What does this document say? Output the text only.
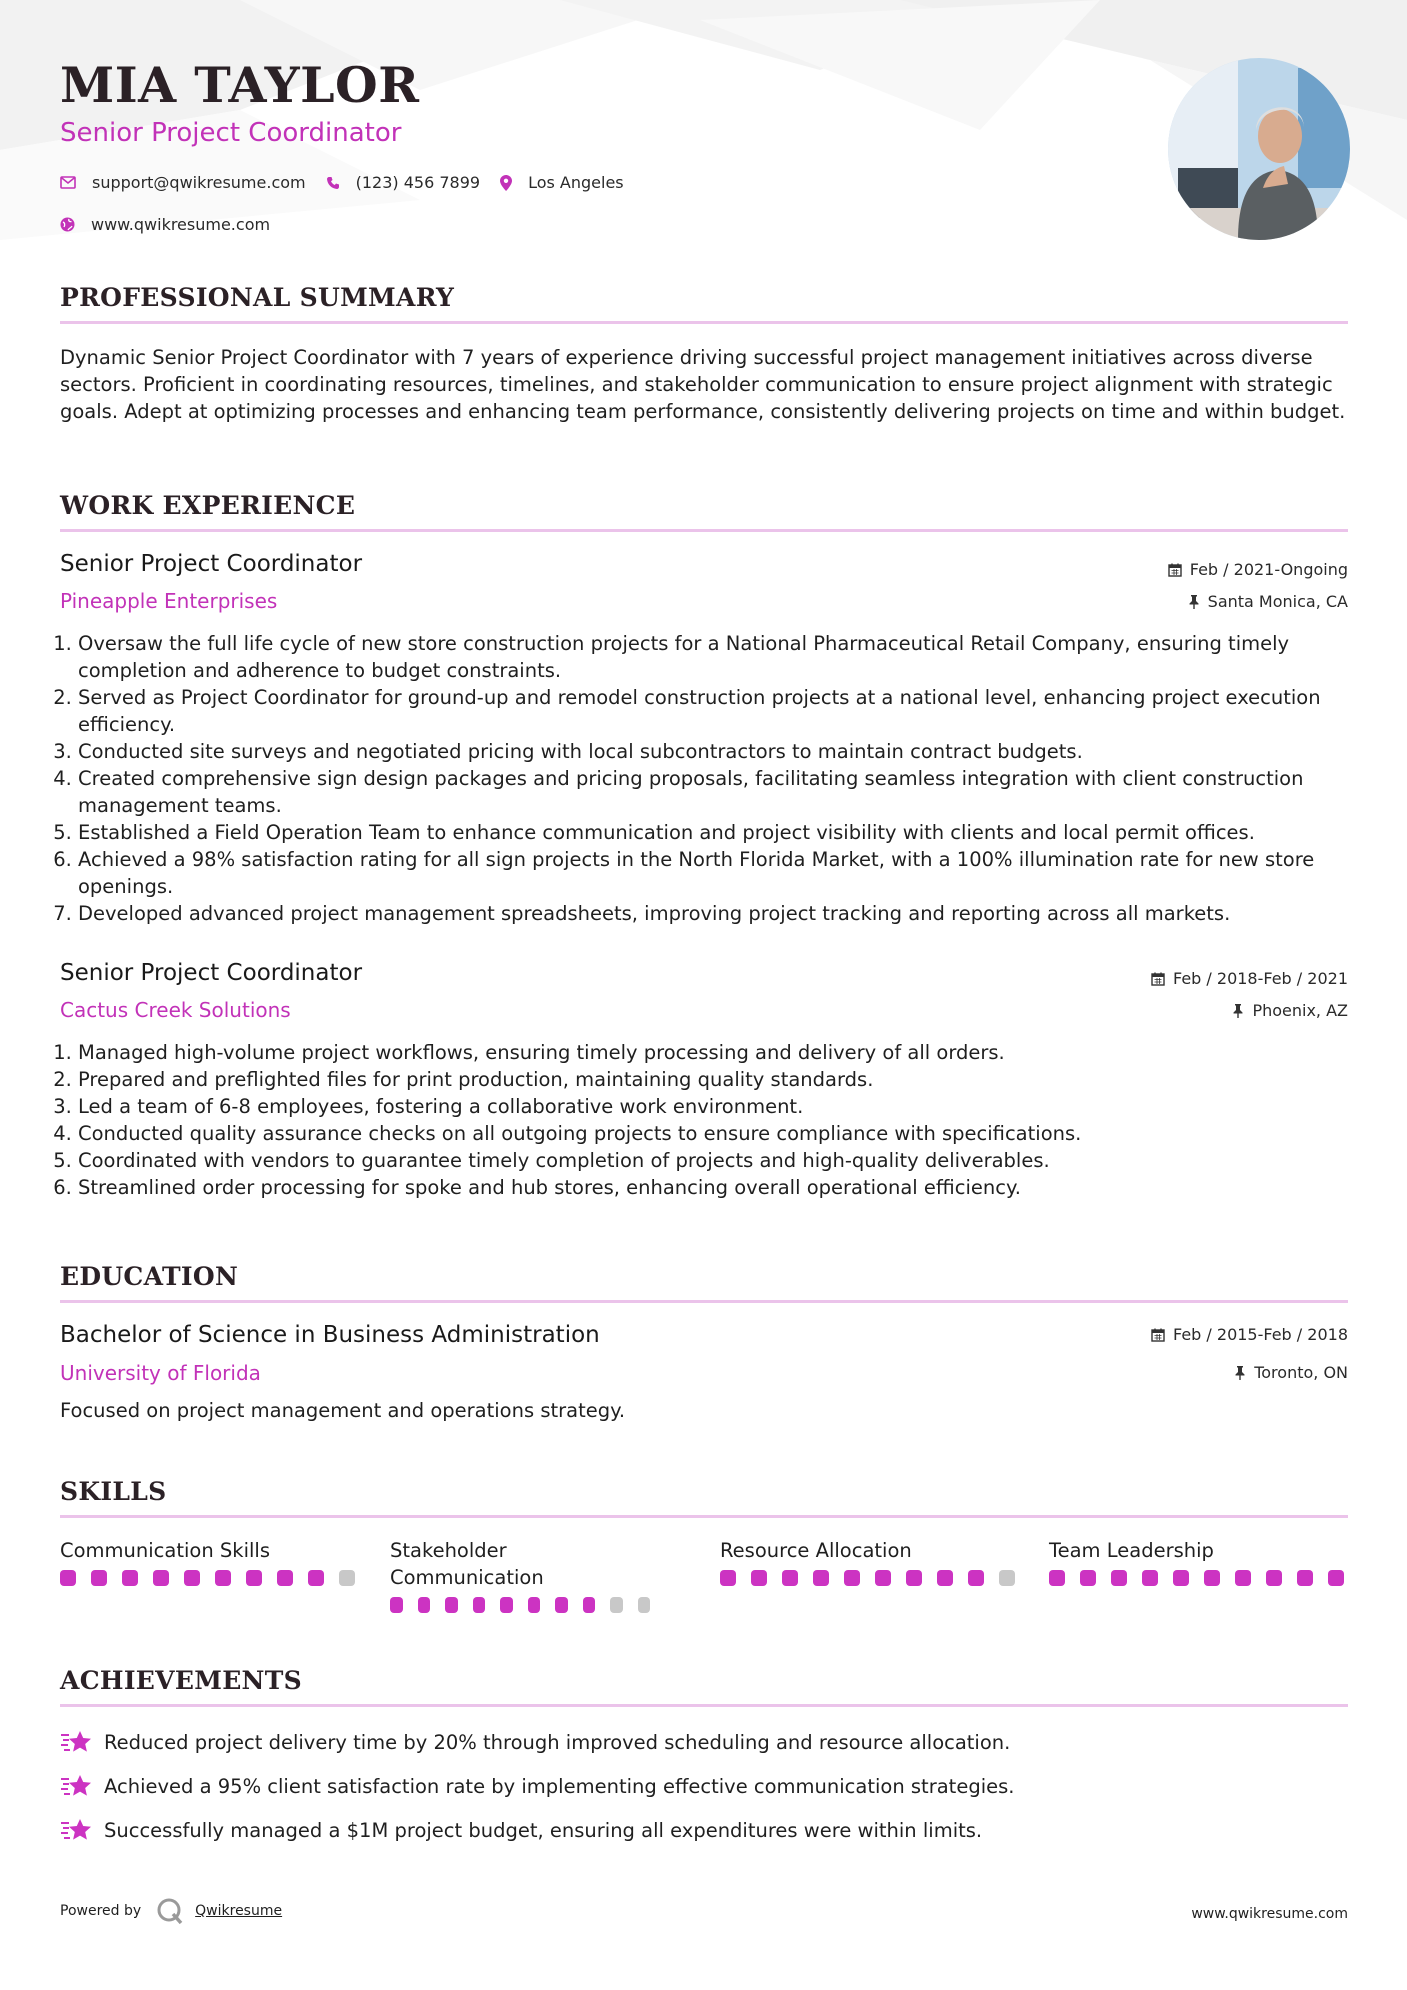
MIA TAYLOR

Senior Project Coordinator

support@qwikresume.com	(123) 456 7899	Los Angeles
www.qwikresume.com
PROFESSIONAL SUMMARY

Dynamic Senior Project Coordinator with 7 years of experience driving successful project management initiatives across diverse sectors. Proficient in coordinating resources, timelines, and stakeholder communication to ensure project alignment with strategic goals. Adept at optimizing processes and enhancing team performance, consistently delivering projects on time and within budget.

WORK EXPERIENCE

Senior Project Coordinator

Pineapple Enterprises

Feb / 2021-Ongoing
Santa Monica, CA
1. Oversaw the full life cycle of new store construction projects for a National Pharmaceutical Retail Company, ensuring timely completion and adherence to budget constraints.
2. Served as Project Coordinator for ground-up and remodel construction projects at a national level, enhancing project execution efficiency.
3. Conducted site surveys and negotiated pricing with local subcontractors to maintain contract budgets.
4. Created comprehensive sign design packages and pricing proposals, facilitating seamless integration with client construction management teams.
5. Established a Field Operation Team to enhance communication and project visibility with clients and local permit offices.
6. Achieved a 98% satisfaction rating for all sign projects in the North Florida Market, with a 100% illumination rate for new store openings.
7. Developed advanced project management spreadsheets, improving project tracking and reporting across all markets.

Senior Project Coordinator

Cactus Creek Solutions

Feb / 2018-Feb / 2021
Phoenix, AZ
1. Managed high-volume project workflows, ensuring timely processing and delivery of all orders.
2. Prepared and preflighted files for print production, maintaining quality standards.
3. Led a team of 6-8 employees, fostering a collaborative work environment.
4. Conducted quality assurance checks on all outgoing projects to ensure compliance with specifications.
5. Coordinated with vendors to guarantee timely completion of projects and high-quality deliverables.
6. Streamlined order processing for spoke and hub stores, enhancing overall operational efficiency.
EDUCATION

Bachelor of Science in Business Administration

University of Florida

Feb / 2015-Feb / 2018
Toronto, ON

Focused on project management and operations strategy.

SKILLS

Communication Skills	Stakeholder Communication

Resource Allocation	Team Leadership

ACHIEVEMENTS
Reduced project delivery time by 20% through improved scheduling and resource allocation.
Achieved a 95% client satisfaction rate by implementing effective communication strategies.
Successfully managed a $1M project budget, ensuring all expenditures were within limits.
Powered by	Qwikresume	www.qwikresume.com
